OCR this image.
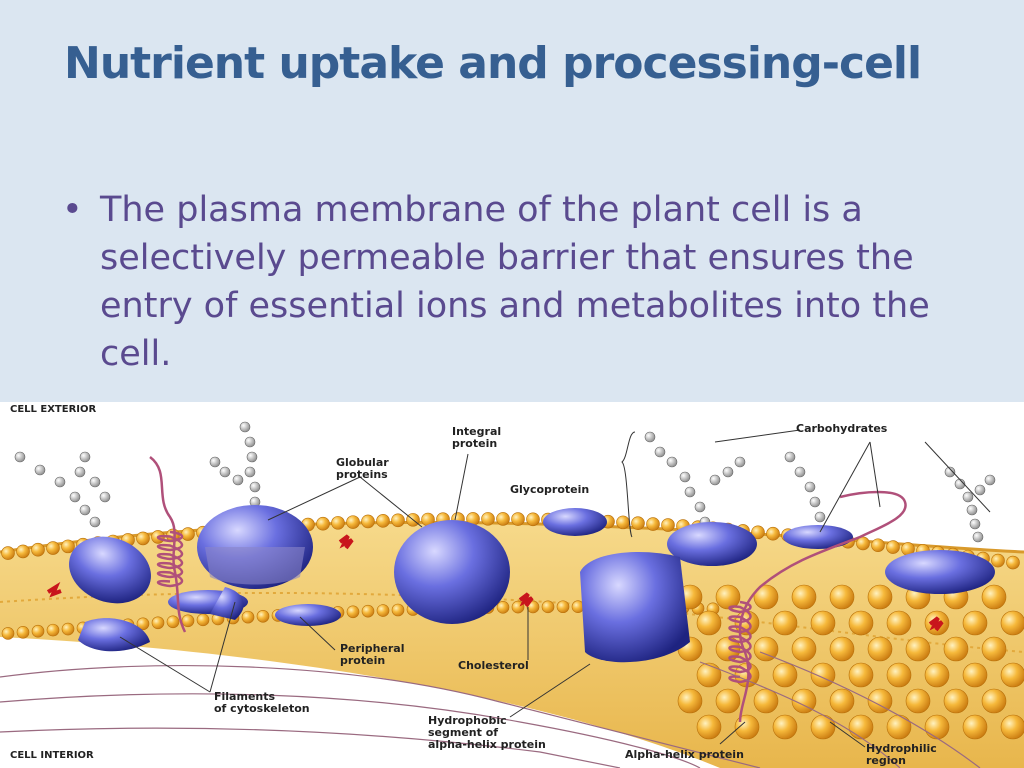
Nutrient uptake and processing-cell
• The plasma membrane of the plant cell is a selectively permeable barrier that ensures the entry of essential ions and metabolites into the cell.
CELL EXTERIOR
CELL INTERIOR
Integral
protein
Globular
proteins
Glycoprotein
Carbohydrates
Peripheral
protein	Cholesterol
Filaments
of cytoskeleton
Hydrophobic
segment of
alpha-helix protein
Alpha-helix protein	Hydrophilic
region
